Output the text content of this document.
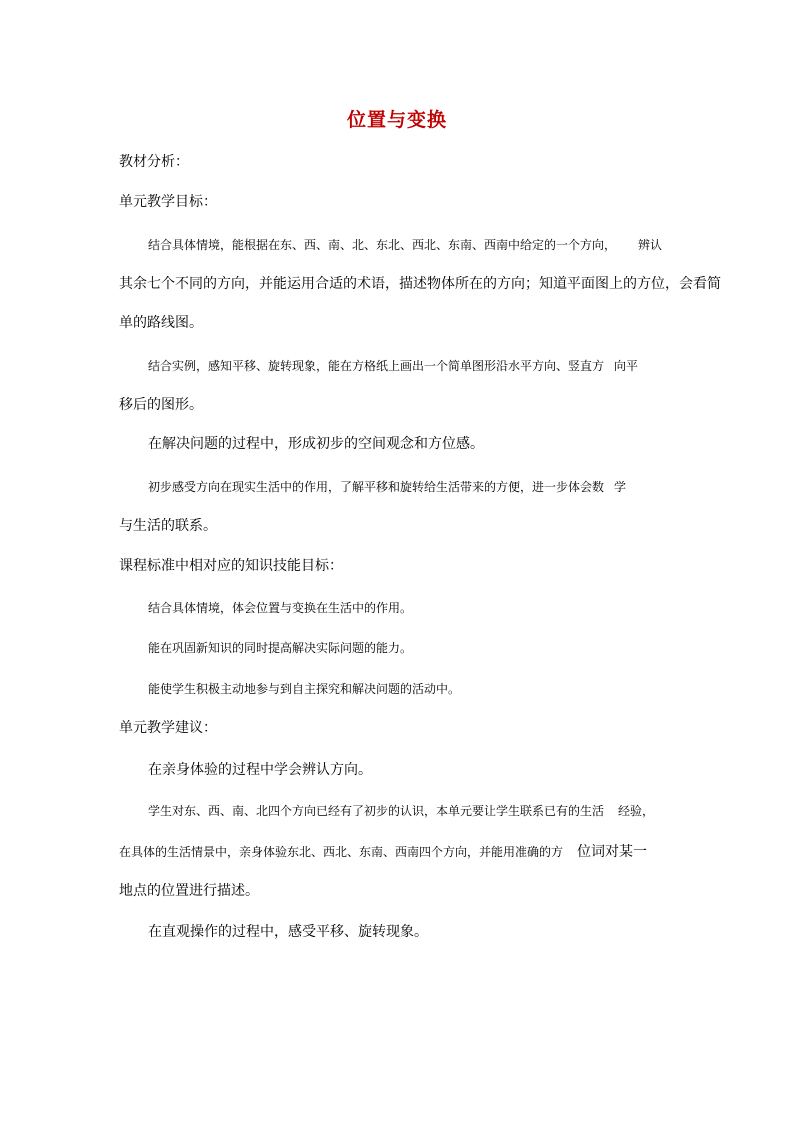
位置与变换
教材分析：
单元教学目标：
结合具体情境，能根据在东、西、南、北、东北、西北、东南、西南中给定的一个方向， 辨认
其余七个不同的方向，并能运用合适的术语，描述物体所在的方向；知道平面图上的方位，会看简
单的路线图。
结合实例，感知平移、旋转现象，能在方格纸上画出一个简单图形沿水平方向、竖直方 向平
移后的图形。
在解决问题的过程中，形成初步的空间观念和方位感。
初步感受方向在现实生活中的作用，了解平移和旋转给生活带来的方便，进一步体会数 学
与生活的联系。
课程标准中相对应的知识技能目标：
结合具体情境，体会位置与变换在生活中的作用。
能在巩固新知识的同时提高解决实际问题的能力。
能使学生积极主动地参与到自主探究和解决问题的活动中。
单元教学建议：
在亲身体验的过程中学会辨认方向。
学生对东、西、南、北四个方向已经有了初步的认识，本单元要让学生联系已有的生活 经验，
在具体的生活情景中，亲身体验东北、西北、东南、西南四个方向，并能用准确的方 位词对某一
地点的位置进行描述。
在直观操作的过程中，感受平移、旋转现象。
